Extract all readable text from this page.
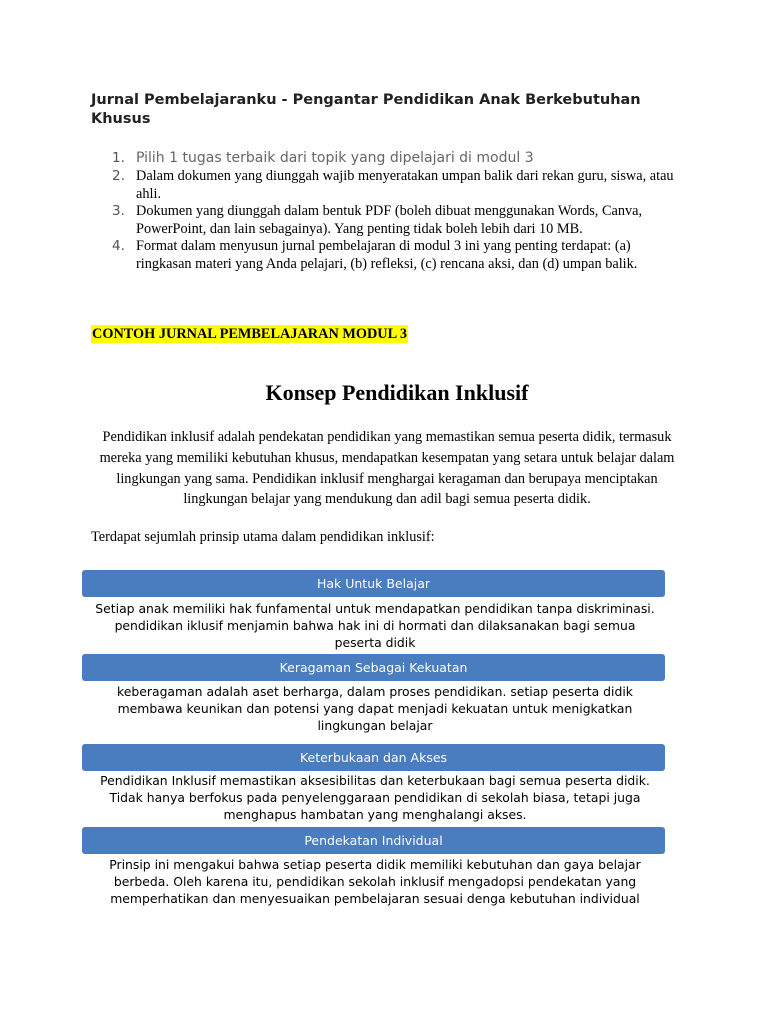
Jurnal Pembelajaranku - Pengantar Pendidikan Anak Berkebutuhan Khusus
1. Pilih 1 tugas terbaik dari topik yang dipelajari di modul 3
2. Dalam dokumen yang diunggah wajib menyeratakan umpan balik dari rekan guru, siswa, atau ahli.
3. Dokumen yang diunggah dalam bentuk PDF (boleh dibuat menggunakan Words, Canva, PowerPoint, dan lain sebagainya). Yang penting tidak boleh lebih dari 10 MB.
4. Format dalam menyusun jurnal pembelajaran di modul 3 ini yang penting terdapat: (a) ringkasan materi yang Anda pelajari, (b) refleksi, (c) rencana aksi, dan (d) umpan balik.
CONTOH JURNAL PEMBELAJARAN MODUL 3
Konsep Pendidikan Inklusif
Pendidikan inklusif adalah pendekatan pendidikan yang memastikan semua peserta didik, termasuk mereka yang memiliki kebutuhan khusus, mendapatkan kesempatan yang setara untuk belajar dalam lingkungan yang sama. Pendidikan inklusif menghargai keragaman dan berupaya menciptakan lingkungan belajar yang mendukung dan adil bagi semua peserta didik.
Terdapat sejumlah prinsip utama dalam pendidikan inklusif:
Hak Untuk Belajar
Setiap anak memiliki hak funfamental untuk mendapatkan pendidikan tanpa diskriminasi. pendidikan iklusif menjamin bahwa hak ini di hormati dan dilaksanakan bagi semua peserta didik
Keragaman Sebagai Kekuatan
keberagaman adalah aset berharga, dalam proses pendidikan. setiap peserta didik membawa keunikan dan potensi yang dapat menjadi kekuatan untuk menigkatkan lingkungan belajar
Keterbukaan dan Akses
Pendidikan Inklusif memastikan aksesibilitas dan keterbukaan bagi semua peserta didik. Tidak hanya berfokus pada penyelenggaraan pendidikan di sekolah biasa, tetapi juga menghapus hambatan yang menghalangi akses.
Pendekatan Individual
Prinsip ini mengakui bahwa setiap peserta didik memiliki kebutuhan dan gaya belajar berbeda. Oleh karena itu, pendidikan sekolah inklusif mengadopsi pendekatan yang memperhatikan dan menyesuaikan pembelajaran sesuai denga kebutuhan individual
